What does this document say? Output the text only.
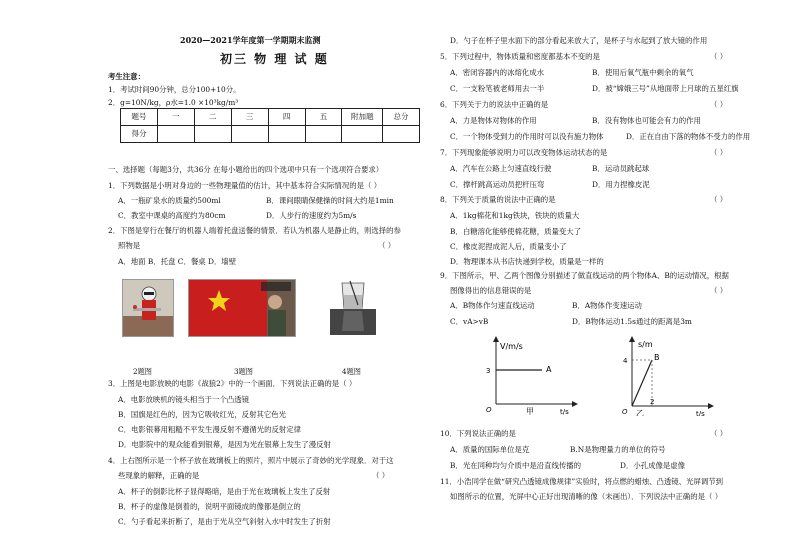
2020—2021学年度第一学期期末监测
初三 物 理 试 题
考生注意：
1．考试时间90分钟，总分100+10分。
2．g=10N/kg，ρ水=1.0 ×10³kg/m³
题号	一	二	三	四	五	附加题	总分
得分							
一、选择题（每题3分，共36分 在每小题给出的四个选项中只有一个选项符合要求）
1．下列数据是小明对身边的一些物理量值的估计，其中基本符合实际情况的是（ ）
A．一瓶矿泉水的质量约500ml	B．课间眼睛保健操的时间大约是1min
C．教室中课桌的高度约为80cm	D．人步行的速度约为5m/s
2．下图是穿行在餐厅的机器人端着托盘送餐的情景．若认为机器人是静止的，则选择的参
照物是	（ ）
A．地面 B．托盘 C．餐桌 D．墙壁
2题图	3题图	4题图
3．上图是电影放映的电影《战狼2》中的一个画面．下列说法正确的是（ ）
A．电影放映机的镜头相当于一个凸透镜
B．国旗是红色的，因为它吸收红光，反射其它色光
C．电影银幕用粗糙不平发生漫反射不遵循光的反射定律
D．电影院中的观众能看到银幕，是因为光在银幕上发生了漫反射
4．上右图所示是一个杯子放在玻璃板上的照片，照片中展示了奇妙的光学现象．对于这
些现象的解释，正确的是	（ ）
A．杯子的倒影比杯子显得略暗，是由于光在玻璃板上发生了反射
B．杯子的虚像是倒着的，说明平面镜成的像都是倒立的
C．勺子看起来折断了，是由于光从空气斜射入水中时发生了折射
D．勺子在杯子里水面下的部分看起来放大了，是杯子与水起到了放大镜的作用
5．下列过程中，物体质量和密度都基本不变的是	（ ）
A．密闭容器内的冰熔化成水	B．使用后氧气瓶中剩余的氧气
C．一支粉笔被老师用去一半	D．被“嫦娥三号”从地面带上月球的五星红旗
6．下列关于力的说法中正确的是	（ ）
A．力是物体对物体的作用	B．没有物体也可能会有力的作用
C．一个物体受到力的作用时可以没有施力物体	D．正在自由下落的物体不受力的作用
7．下列现象能够说明力可以改变物体运动状态的是	（ ）
A．汽车在公路上匀速直线行驶	B．运动员跳起球
C．撑杆跳高运动员把杆压弯	D．用力捏橡皮泥
8．下列关于质量的说法中正确的是	（ ）
A．1kg棉花和1kg铁块，铁块的质量大
B．白糖溶化能够使棉花糖，质量变大了
C．橡皮泥捏成泥人后，质量变小了
D．物理课本从书店快递到学校，质量是一样的
9．下图所示，甲、乙两个图像分别描述了做直线运动的两个物体A、B的运动情况，根据
图像得出的信息错误的是	（ ）
A．B物体作匀速直线运动	B．A物体作变速运动
C．vA>vB	D．B物体运动1.5s通过的距离是3m
V/m/s
3	A
O	t/s
甲
s/m
4	B
O
2
t/s
乙
10．下列说法正确的是	（ ）
A．质量的国际单位是克	B.N是物理量力的单位的符号
B．光在同种均匀介质中是沿直线传播的	D．小孔成像是虚像
11．小浩同学在做“研究凸透镜成像规律”实验时，将点燃的蜡烛、凸透镜、光屏调节到
如图所示的位置，光屏中心正好出现清晰的像（未画出）．下列说法中正确的是（ ）
